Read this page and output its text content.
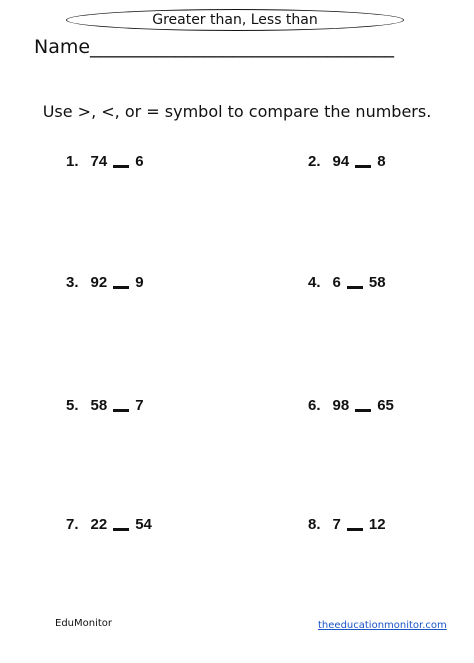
Greater than, Less than
Name________________________________
Use >, <, or = symbol to compare the numbers.
1. 74 6	2. 94 8
3. 92 9	4. 6 58
5. 58 7	6. 98 65
7. 22 54	8. 7 12
EduMonitor	theeducationmonitor.com
